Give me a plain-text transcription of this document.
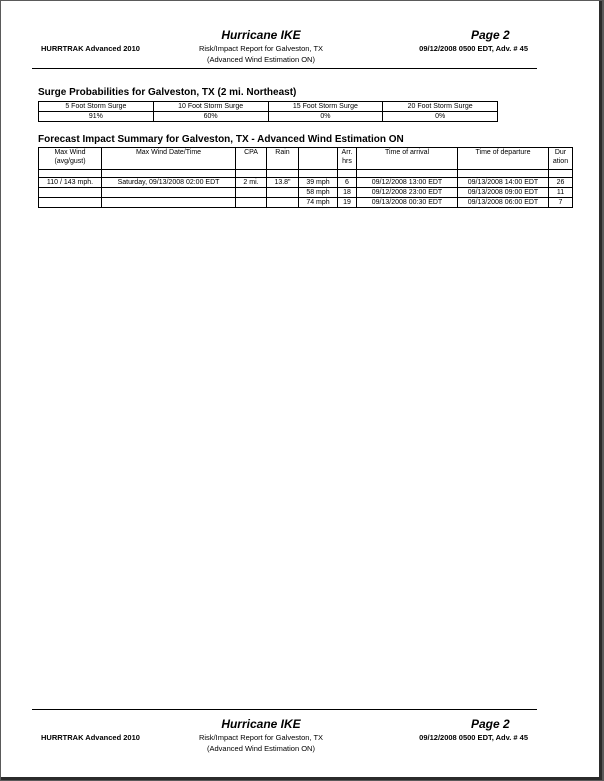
Hurricane IKE	Page 2
HURRTRAK Advanced 2010	Risk/Impact Report for Galveston, TX
(Advanced Wind Estimation ON)
09/12/2008 0500 EDT, Adv. # 45
Surge Probabilities for Galveston, TX (2 mi. Northeast)
5 Foot Storm Surge	10 Foot Storm Surge	15 Foot Storm Surge	20 Foot Storm Surge
91%	60%	0%	0%
Forecast Impact Summary for Galveston, TX - Advanced Wind Estimation ON
Max Wind (avg/gust)	Max Wind Date/Time	CPA	Rain		Arr. hrs	Time of arrival	Time of departure	Dur ation

110 / 143 mph.	Saturday, 09/13/2008 02:00 EDT	2 mi.	13.8"	39 mph	6	09/12/2008 13:00 EDT	09/13/2008 14:00 EDT	26
				58 mph	18	09/12/2008 23:00 EDT	09/13/2008 09:00 EDT	11
				74 mph	19	09/13/2008 00:30 EDT	09/13/2008 06:00 EDT	7
Hurricane IKE	Page 2
HURRTRAK Advanced 2010	Risk/Impact Report for Galveston, TX
(Advanced Wind Estimation ON)
09/12/2008 0500 EDT, Adv. # 45
